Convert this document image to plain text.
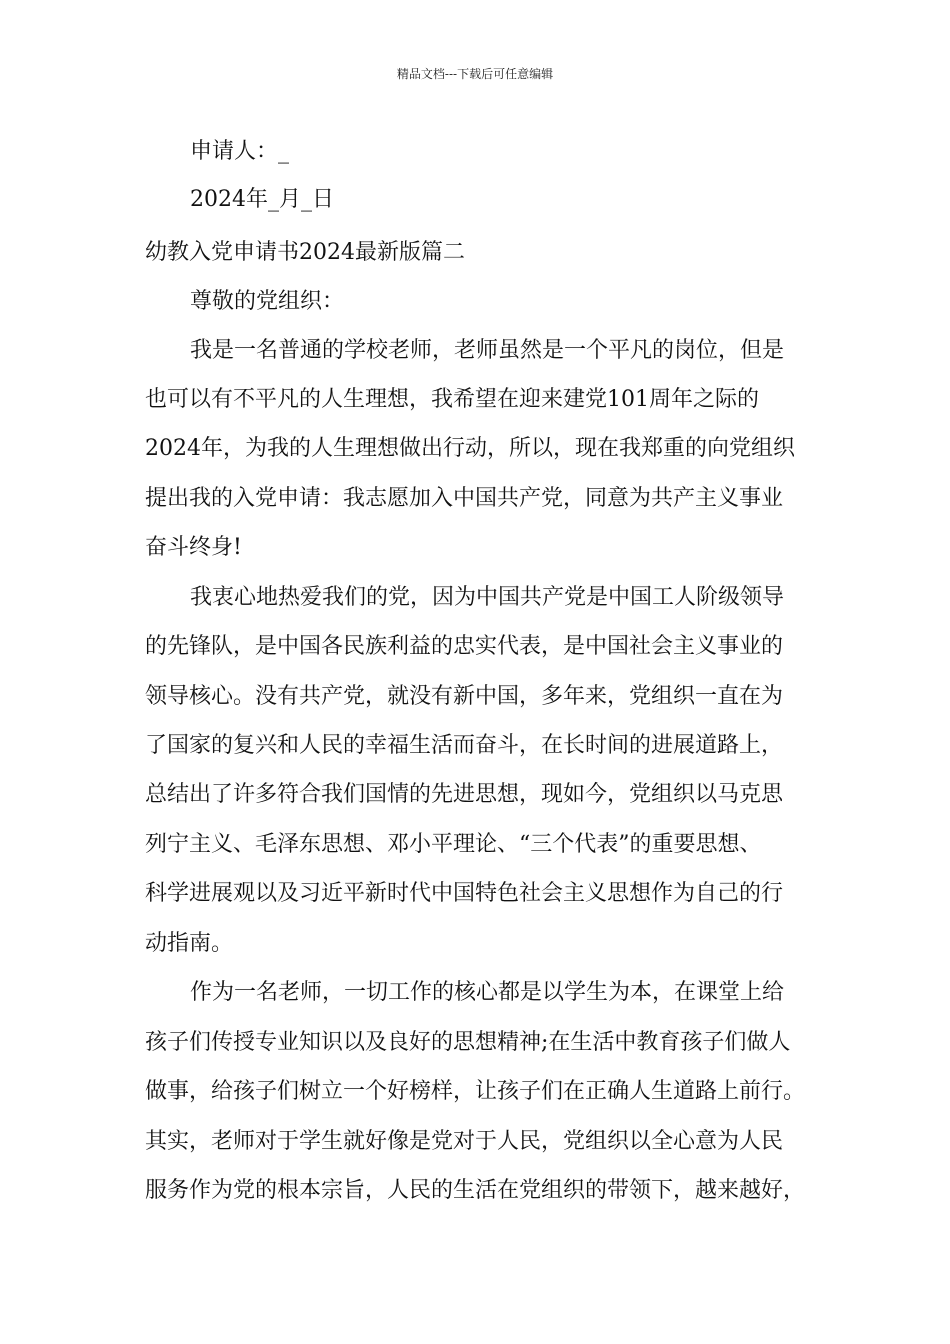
精品文档---下载后可任意编辑
申请人：_
2024年_月_日
幼教入党申请书2024最新版篇二
尊敬的党组织：
我是一名普通的学校老师，老师虽然是一个平凡的岗位，但是
也可以有不平凡的人生理想，我希望在迎来建党101周年之际的
2024年，为我的人生理想做出行动，所以，现在我郑重的向党组织
提出我的入党申请：我志愿加入中国共产党，同意为共产主义事业
奋斗终身!
我衷心地热爱我们的党，因为中国共产党是中国工人阶级领导
的先锋队，是中国各民族利益的忠实代表，是中国社会主义事业的
领导核心。没有共产党，就没有新中国，多年来，党组织一直在为
了国家的复兴和人民的幸福生活而奋斗，在长时间的进展道路上，
总结出了许多符合我们国情的先进思想，现如今，党组织以马克思
列宁主义、毛泽东思想、邓小平理论、“三个代表”的重要思想、
科学进展观以及习近平新时代中国特色社会主义思想作为自己的行
动指南。
作为一名老师，一切工作的核心都是以学生为本，在课堂上给
孩子们传授专业知识以及良好的思想精神;在生活中教育孩子们做人
做事，给孩子们树立一个好榜样，让孩子们在正确人生道路上前行。
其实，老师对于学生就好像是党对于人民，党组织以全心意为人民
服务作为党的根本宗旨，人民的生活在党组织的带领下，越来越好，
